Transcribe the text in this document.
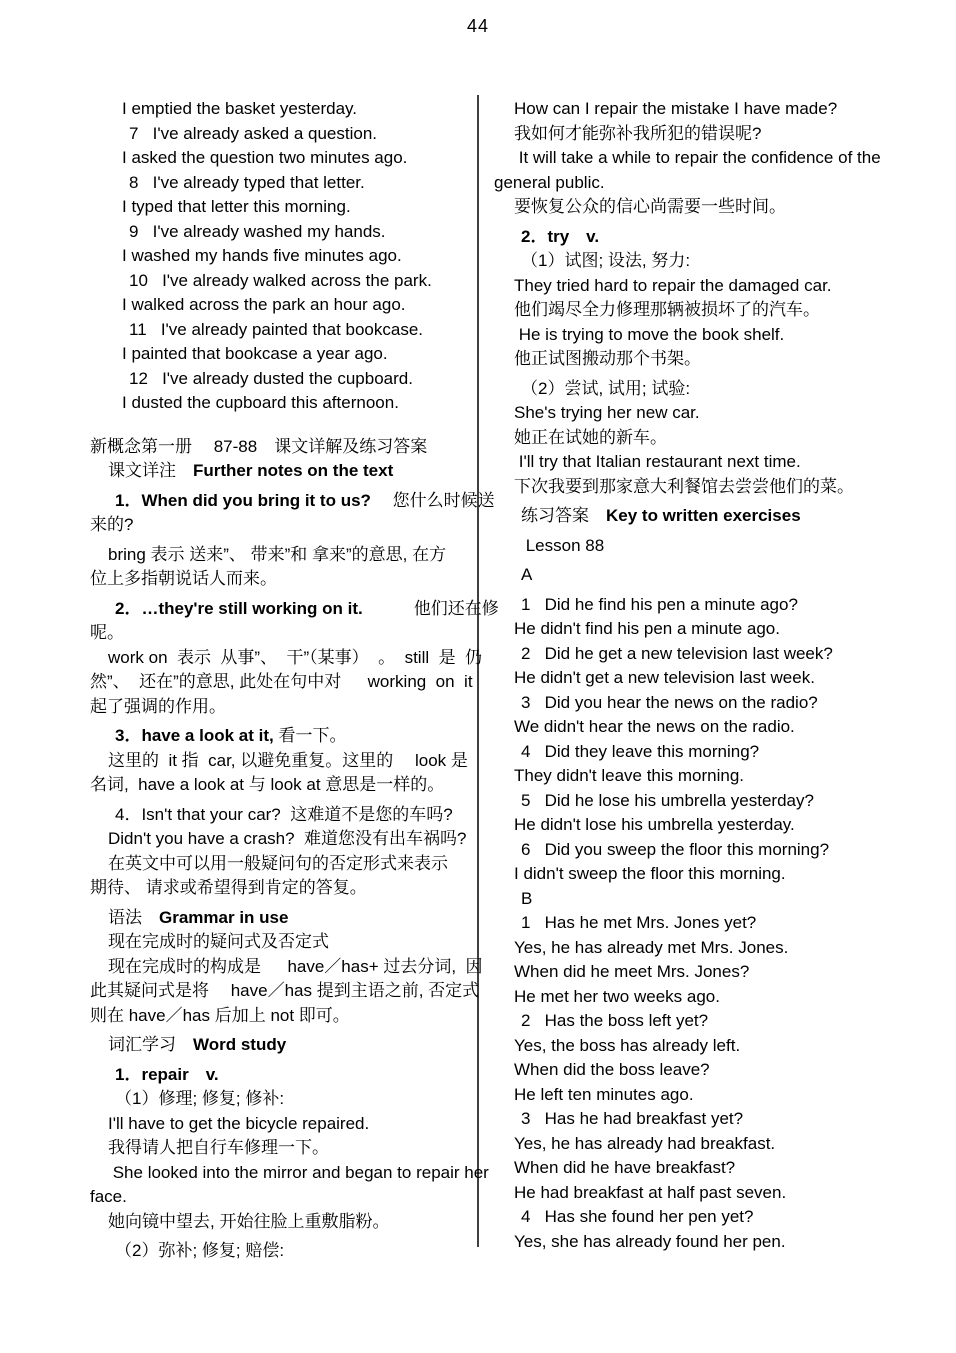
44
I emptied the basket yesterday.
7   I've already asked a question.
I asked the question two minutes ago.
8   I've already typed that letter.
I typed that letter this morning.
9   I've already washed my hands.
I washed my hands five minutes ago.
10   I've already walked across the park.
I walked across the park an hour ago.
11   I've already painted that bookcase.
I painted that bookcase a year ago.
12   I've already dusted the cupboard.
I dusted the cupboard this afternoon.
新概念第一册　 87-88　课文详解及练习答案
课文详注　Further notes on the text
1．When did you bring it to us?　 您什么时候送
来的?
bring 表示 送来”、 带来”和 拿来”的意思, 在方
位上多指朝说话人而来。
2．…they're still working on it.　　　他们还在修
呢。
work on  表示  从事”、  干”（某事）  。  still  是  仍
然”、  还在”的意思, 此处在句中对　  working  on  it
起了强调的作用。
3．have a look at it, 看一下。
这里的  it 指  car, 以避免重复。这里的　 look 是
名词,  have a look at 与 look at 意思是一样的。
4．Isn't that your car?  这难道不是您的车吗?
Didn't you have a crash?  难道您没有出车祸吗?
在英文中可以用一般疑问句的否定形式来表示
期待、 请求或希望得到肯定的答复。
语法　Grammar in use
现在完成时的疑问式及否定式
现在完成时的构成是　  have／has+ 过去分词,  因
此其疑问式是将　 have／has 提到主语之前, 否定式
则在 have／has 后加上 not 即可。
词汇学习　Word study
1．repair　v.
（1）修理; 修复; 修补:
I'll have to get the bicycle repaired.
我得请人把自行车修理一下。
She looked into the mirror and began to repair her
face.
她向镜中望去, 开始往脸上重敷脂粉。
（2）弥补; 修复; 赔偿:
How can I repair the mistake I have made?
我如何才能弥补我所犯的错误呢?
It will take a while to repair the confidence of the
general public.
要恢复公众的信心尚需要一些时间。
2．try　v.
（1）试图; 设法, 努力:
They tried hard to repair the damaged car.
他们竭尽全力修理那辆被损坏了的汽车。
He is trying to move the book shelf.
他正试图搬动那个书架。
（2）尝试, 试用; 试验:
She's trying her new car.
她正在试她的新车。
I'll try that Italian restaurant next time.
下次我要到那家意大利餐馆去尝尝他们的菜。
练习答案　Key to written exercises
Lesson 88
A
1   Did he find his pen a minute ago?
He didn't find his pen a minute ago.
2   Did he get a new television last week?
He didn't get a new television last week.
3   Did you hear the news on the radio?
We didn't hear the news on the radio.
4   Did they leave this morning?
They didn't leave this morning.
5   Did he lose his umbrella yesterday?
He didn't lose his umbrella yesterday.
6   Did you sweep the floor this morning?
I didn't sweep the floor this morning.
B
1   Has he met Mrs. Jones yet?
Yes, he has already met Mrs. Jones.
When did he meet Mrs. Jones?
He met her two weeks ago.
2   Has the boss left yet?
Yes, the boss has already left.
When did the boss leave?
He left ten minutes ago.
3   Has he had breakfast yet?
Yes, he has already had breakfast.
When did he have breakfast?
He had breakfast at half past seven.
4   Has she found her pen yet?
Yes, she has already found her pen.
